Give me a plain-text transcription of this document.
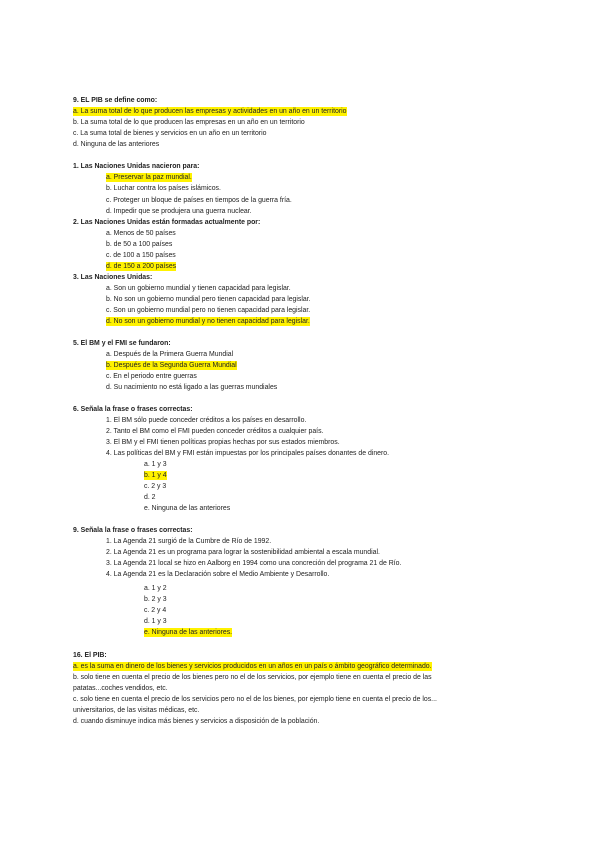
9. EL PIB se define como:
a. La suma total de lo que producen las empresas y actividades en un año en un territorio
b. La suma total de lo que producen las empresas en un año en un territorio
c. La suma total de bienes y servicios en un año en un territorio
d. Ninguna de las anteriores
1. Las Naciones Unidas nacieron para:
a. Preservar la paz mundial.
b. Luchar contra los países islámicos.
c. Proteger un bloque de países en tiempos de la guerra fría.
d. Impedir que se produjera una guerra nuclear.
2. Las Naciones Unidas están formadas actualmente por:
a. Menos de 50 países
b. de 50 a 100 países
c. de 100 a 150 países
d. de 150 a 200 países
3. Las Naciones Unidas:
a. Son un gobierno mundial y tienen capacidad para legislar.
b. No son un gobierno mundial pero tienen capacidad para legislar.
c. Son un gobierno mundial pero no tienen capacidad para legislar.
d. No son un gobierno mundial y no tienen capacidad para legislar.
5. El BM y el FMI se fundaron:
a. Después de la Primera Guerra Mundial
b. Después de la Segunda Guerra Mundial
c. En el periodo entre guerras
d. Su nacimiento no está ligado a las guerras mundiales
6. Señala la frase o frases correctas:
1. El BM sólo puede conceder créditos a los países en desarrollo.
2. Tanto el BM como el FMI pueden conceder créditos a cualquier país.
3. El BM y el FMI tienen políticas propias hechas por sus estados miembros.
4. Las políticas del BM y FMI están impuestas por los principales países donantes de dinero.
a. 1 y 3
b. 1 y 4
c. 2 y 3
d. 2
e. Ninguna de las anteriores
9. Señala la frase o frases correctas:
1. La Agenda 21 surgió de la Cumbre de Río de 1992.
2. La Agenda 21 es un programa para lograr la sostenibilidad ambiental a escala mundial.
3. La Agenda 21 local se hizo en Aalborg en 1994 como una concreción del programa 21 de Río.
4. La Agenda 21 es la Declaración sobre el Medio Ambiente y Desarrollo.
a. 1 y 2
b. 2 y 3
c. 2 y 4
d. 1 y 3
e. Ninguna de las anteriores.
16. El PIB:
a. es la suma en dinero de los bienes y servicios producidos en un años en un país o ámbito geográfico determinado.
b. solo tiene en cuenta el precio de los bienes pero no el de los servicios, por ejemplo tiene en cuenta el precio de las
patatas...coches vendidos, etc.
c. solo tiene en cuenta el precio de los servicios pero no el de los bienes, por ejemplo tiene en cuenta el precio de los...
universitarios, de las visitas médicas, etc.
d. cuando disminuye indica más bienes y servicios a disposición de la población.
